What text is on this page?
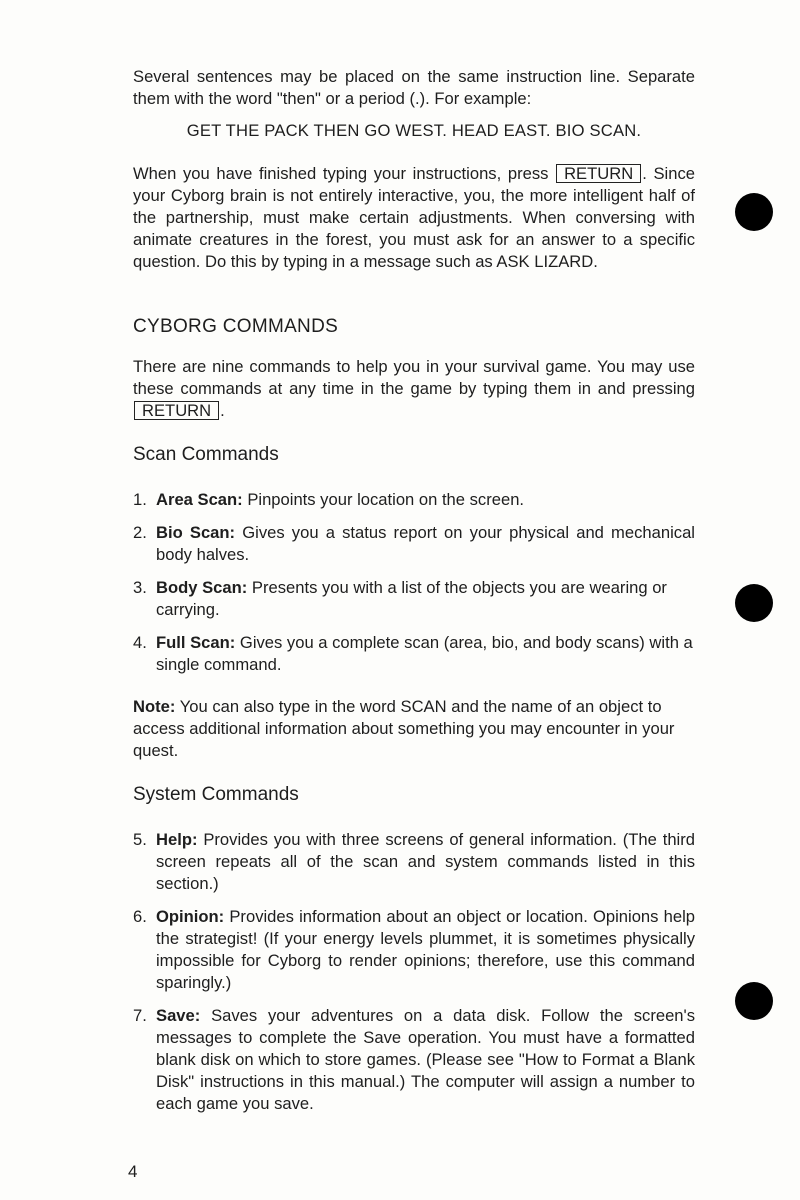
Several sentences may be placed on the same instruction line. Separate them with the word "then" or a period (.). For example:

GET THE PACK THEN GO WEST. HEAD EAST. BIO SCAN.

When you have finished typing your instructions, press RETURN . Since your Cyborg brain is not entirely interactive, you, the more intelligent half of the partnership, must make certain adjustments. When conversing with animate creatures in the forest, you must ask for an answer to a specific question. Do this by typing in a message such as ASK LIZARD.

CYBORG COMMANDS

There are nine commands to help you in your survival game. You may use these commands at any time in the game by typing them in and pressing RETURN .

Scan Commands
1. Area Scan: Pinpoints your location on the screen.
2. Bio Scan: Gives you a status report on your physical and mechanical body halves.
3. Body Scan: Presents you with a list of the objects you are wearing or carrying.
4. Full Scan: Gives you a complete scan (area, bio, and body scans) with a single command.

Note: You can also type in the word SCAN and the name of an object to access additional information about something you may encounter in your quest.

System Commands
5. Help: Provides you with three screens of general information. (The third screen repeats all of the scan and system commands listed in this section.)
6. Opinion: Provides information about an object or location. Opinions help the strategist! (If your energy levels plummet, it is sometimes physically impossible for Cyborg to render opinions; therefore, use this command sparingly.)
7. Save: Saves your adventures on a data disk. Follow the screen's messages to complete the Save operation. You must have a formatted blank disk on which to store games. (Please see "How to Format a Blank Disk" instructions in this manual.) The computer will assign a number to each game you save.
4
